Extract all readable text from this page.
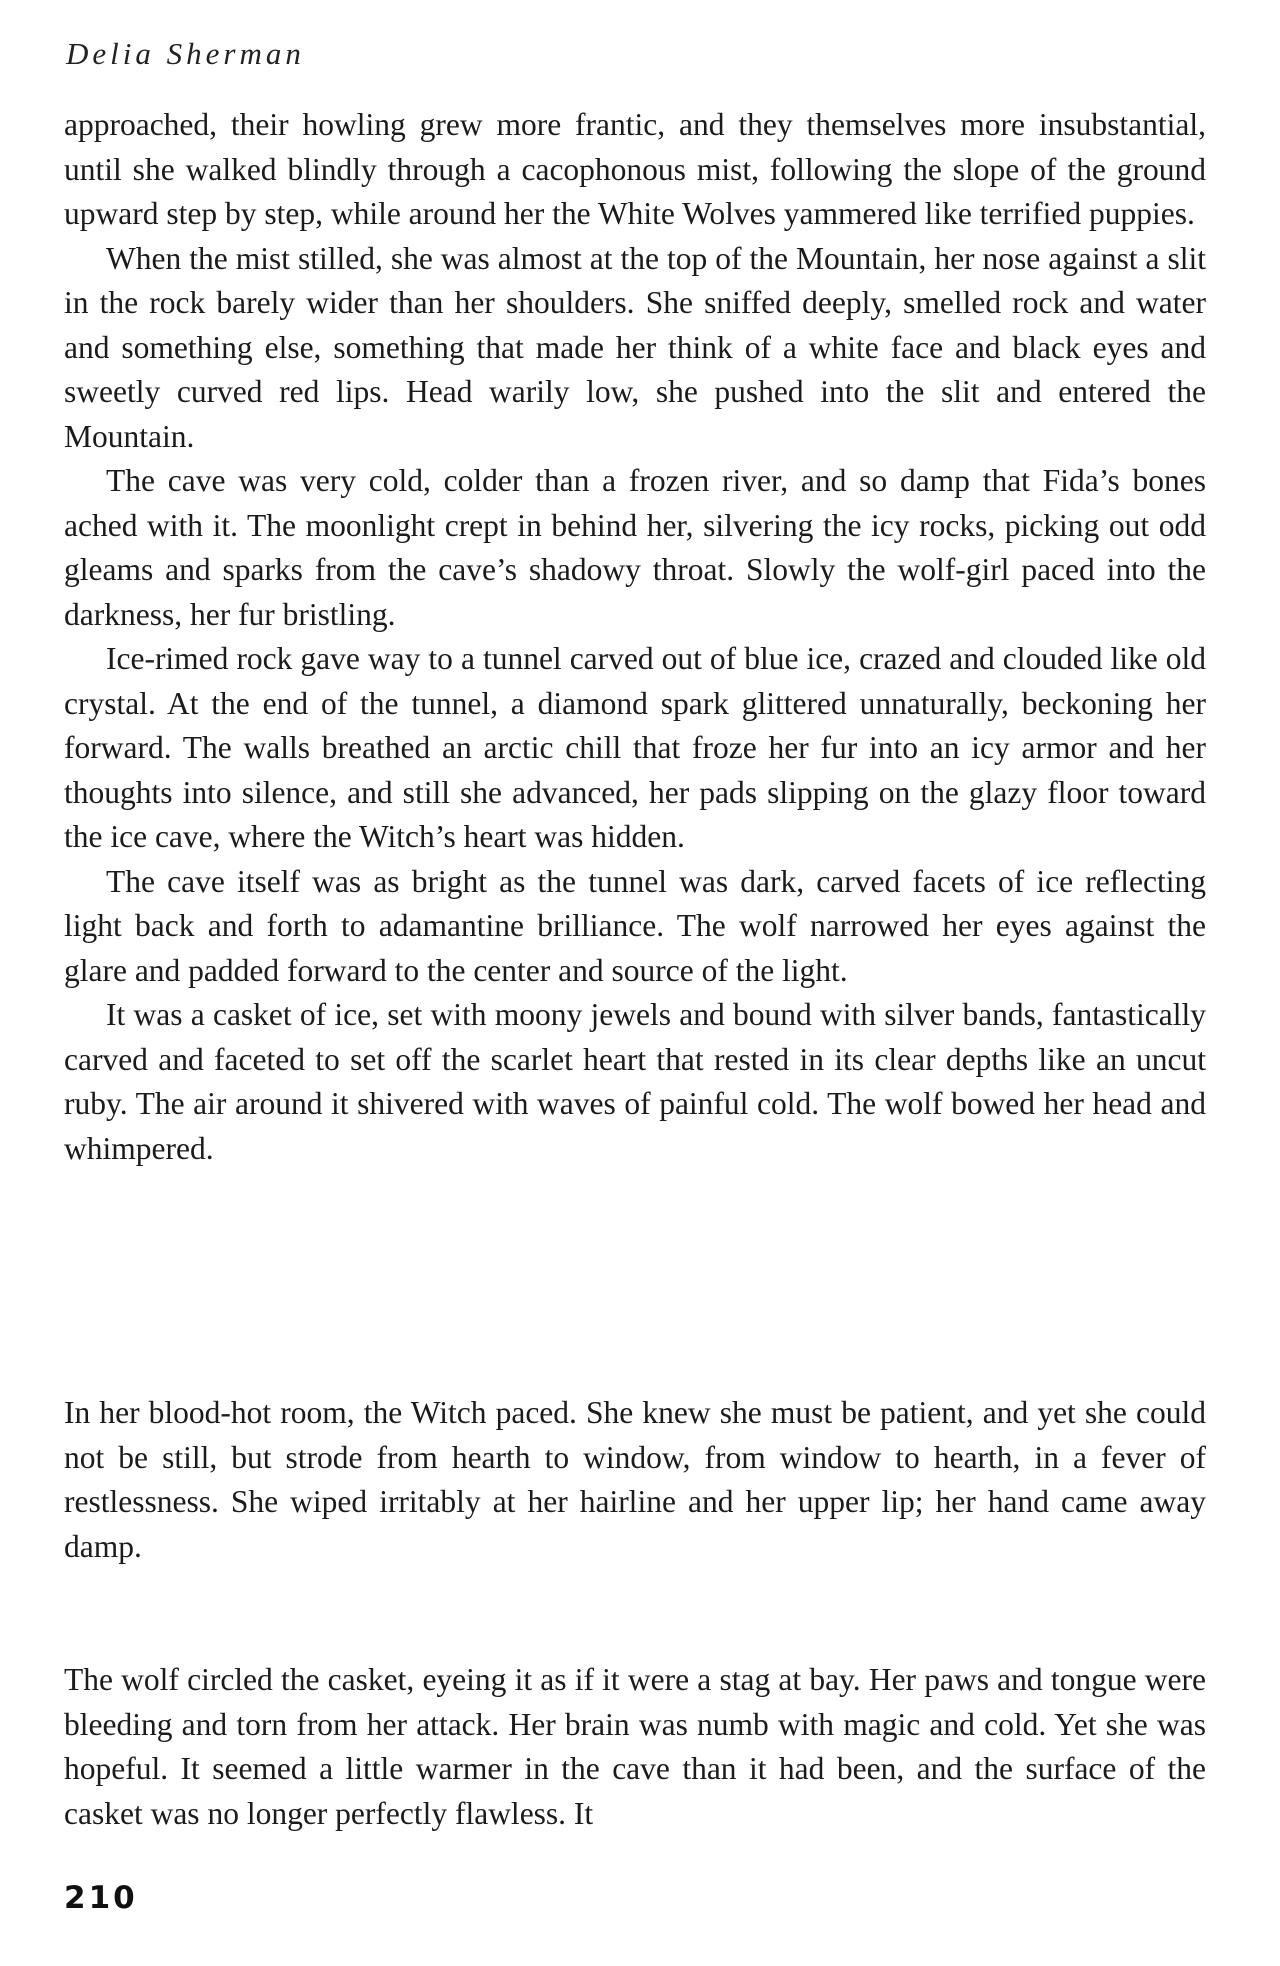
Delia Sherman

approached, their howling grew more frantic, and they themselves more insubstantial, until she walked blindly through a cacophonous mist, following the slope of the ground upward step by step, while around her the White Wolves yammered like terrified puppies.

When the mist stilled, she was almost at the top of the Mountain, her nose against a slit in the rock barely wider than her shoulders. She sniffed deeply, smelled rock and water and something else, something that made her think of a white face and black eyes and sweetly curved red lips. Head warily low, she pushed into the slit and entered the Mountain.

The cave was very cold, colder than a frozen river, and so damp that Fida’s bones ached with it. The moonlight crept in behind her, silvering the icy rocks, picking out odd gleams and sparks from the cave’s shadowy throat. Slowly the wolf-girl paced into the darkness, her fur bristling.

Ice-rimed rock gave way to a tunnel carved out of blue ice, crazed and clouded like old crystal. At the end of the tunnel, a diamond spark glittered unnaturally, beckoning her forward. The walls breathed an arctic chill that froze her fur into an icy armor and her thoughts into silence, and still she advanced, her pads slipping on the glazy floor toward the ice cave, where the Witch’s heart was hidden.

The cave itself was as bright as the tunnel was dark, carved facets of ice reflecting light back and forth to adamantine brilliance. The wolf narrowed her eyes against the glare and padded forward to the center and source of the light.

It was a casket of ice, set with moony jewels and bound with silver bands, fantastically carved and faceted to set off the scarlet heart that rested in its clear depths like an uncut ruby. The air around it shivered with waves of painful cold. The wolf bowed her head and whimpered.

In her blood-hot room, the Witch paced. She knew she must be patient, and yet she could not be still, but strode from hearth to window, from window to hearth, in a fever of restlessness. She wiped irritably at her hairline and her upper lip; her hand came away damp.

The wolf circled the casket, eyeing it as if it were a stag at bay. Her paws and tongue were bleeding and torn from her attack. Her brain was numb with magic and cold. Yet she was hopeful. It seemed a little warmer in the cave than it had been, and the surface of the casket was no longer perfectly flawless. It

210
